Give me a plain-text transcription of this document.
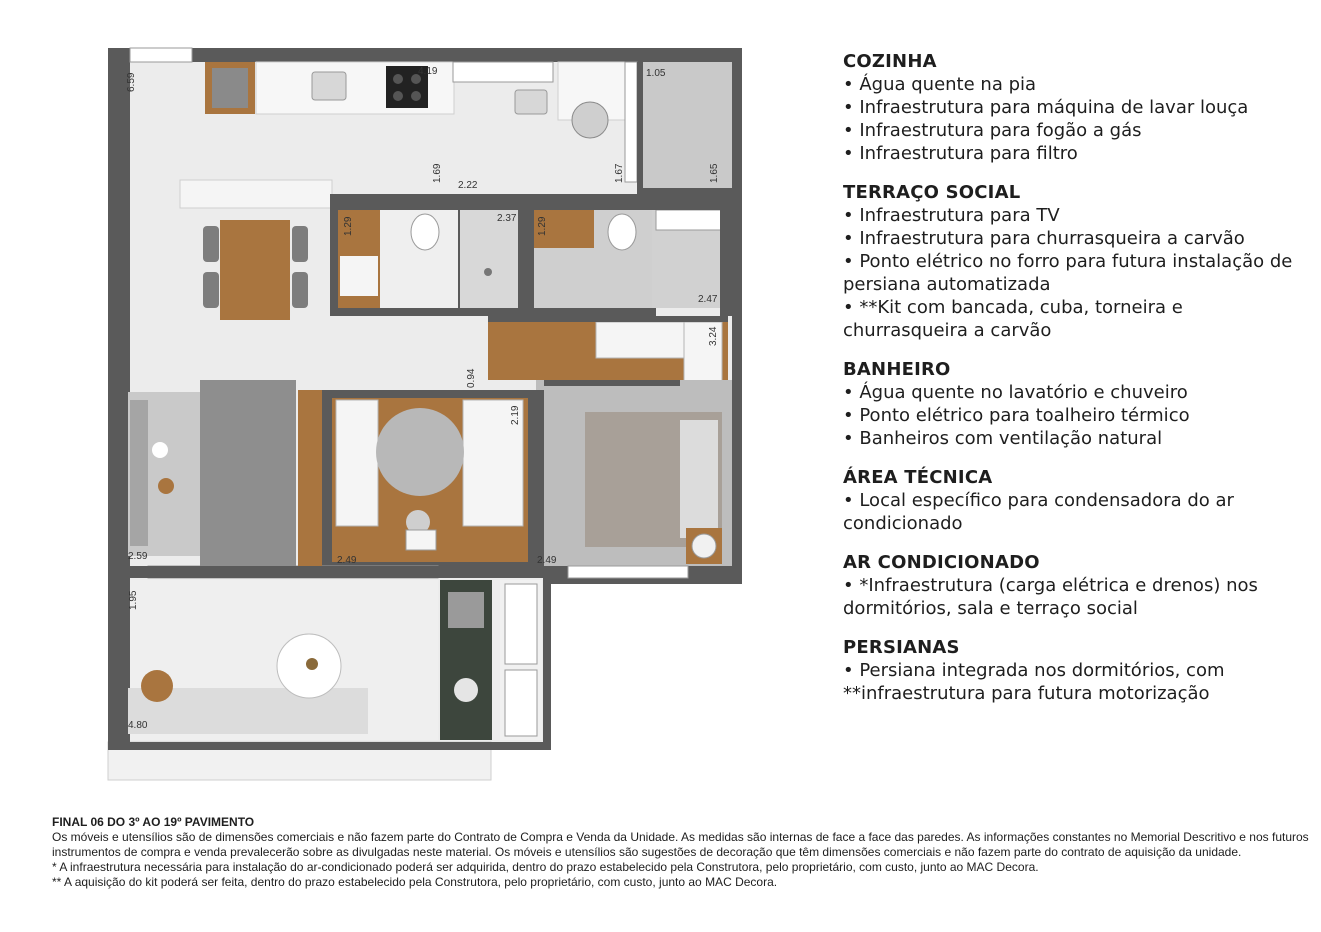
6.59
4.19	1.05
1.65
1.67
1.69
2.22
2.37
1.29	1.29
2.47
3.24
0.94
2.19
2.59	2.49	2.49
1.95
4.80
COZINHA
• Água quente na pia
• Infraestrutura para máquina de lavar louça
• Infraestrutura para fogão a gás
• Infraestrutura para filtro
TERRAÇO SOCIAL
• Infraestrutura para TV
• Infraestrutura para churrasqueira a carvão
• Ponto elétrico no forro para futura instalação de persiana automatizada
• **Kit com bancada, cuba, torneira e churrasqueira a carvão
BANHEIRO
• Água quente no lavatório e chuveiro
• Ponto elétrico para toalheiro térmico
• Banheiros com ventilação natural
ÁREA TÉCNICA
• Local específico para condensadora do ar condicionado
AR CONDICIONADO
• *Infraestrutura (carga elétrica e drenos) nos dormitórios, sala e terraço social
PERSIANAS
• Persiana integrada nos dormitórios, com **infraestrutura para futura motorização
FINAL 06 DO 3º AO 19º PAVIMENTO
Os móveis e utensílios são de dimensões comerciais e não fazem parte do Contrato de Compra e Venda da Unidade. As medidas são internas de face a face das paredes. As informações constantes no Memorial Descritivo e nos futuros instrumentos de compra e venda prevalecerão sobre as divulgadas neste material. Os móveis e utensílios são sugestões de decoração que têm dimensões comerciais e não fazem parte do contrato de aquisição da unidade.
* A infraestrutura necessária para instalação do ar-condicionado poderá ser adquirida, dentro do prazo estabelecido pela Construtora, pelo proprietário, com custo, junto ao MAC Decora.
** A aquisição do kit poderá ser feita, dentro do prazo estabelecido pela Construtora, pelo proprietário, com custo, junto ao MAC Decora.
